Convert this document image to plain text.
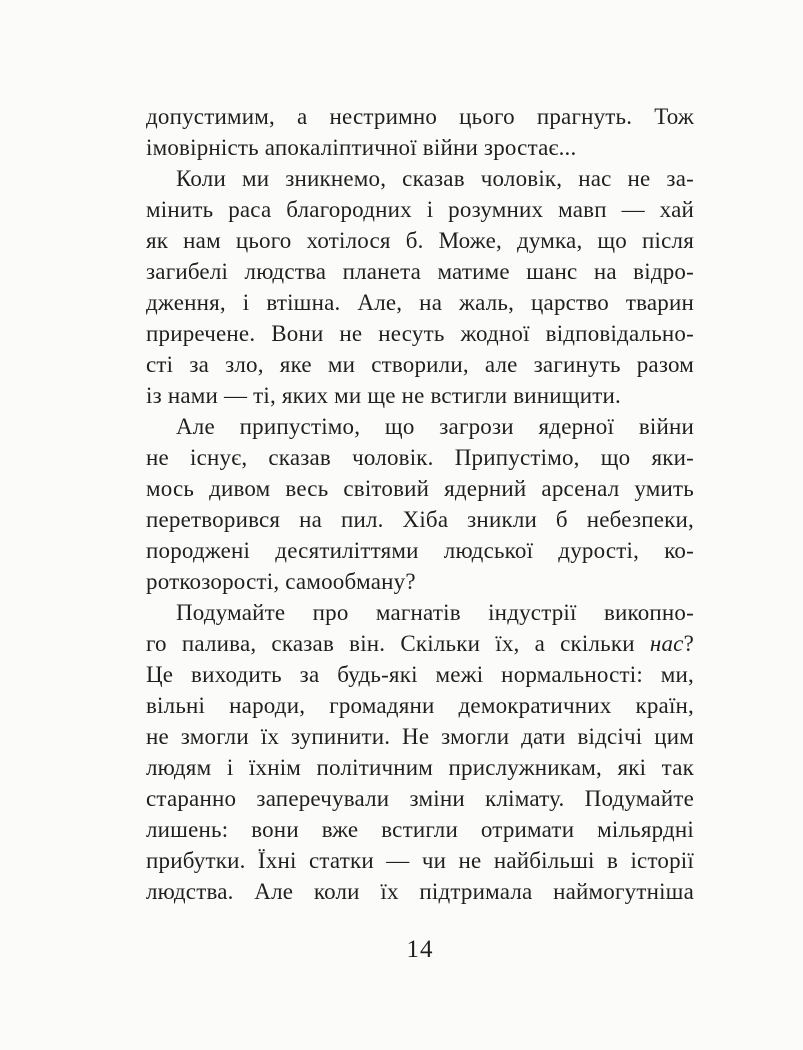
допустимим, а нестримно цього прагнуть. Тож
імовірність апокаліптичної війни зростає...

Коли ми зникнемо, сказав чоловік, нас не за-
мінить раса благородних і розумних мавп — хай
як нам цього хотілося б. Може, думка, що після
загибелі людства планета матиме шанс на відро-
дження, і втішна. Але, на жаль, царство тварин
приречене. Вони не несуть жодної відповідально-
сті за зло, яке ми створили, але загинуть разом
із нами — ті, яких ми ще не встигли винищити.

Але припустімо, що загрози ядерної війни
не існує, сказав чоловік. Припустімо, що яки-
мось дивом весь світовий ядерний арсенал умить
перетворився на пил. Хіба зникли б небезпеки,
породжені десятиліттями людської дурості, ко-
роткозорості, самообману?

Подумайте про магнатів індустрії викопно-
го палива, сказав він. Скільки їх, а скільки нас?
Це виходить за будь-які межі нормальності: ми,
вільні народи, громадяни демократичних країн,
не змогли їх зупинити. Не змогли дати відсічі цим
людям і їхнім політичним прислужникам, які так
старанно заперечували зміни клімату. Подумайте
лишень: вони вже встигли отримати мільярдні
прибутки. Їхні статки — чи не найбільші в історії
людства. Але коли їх підтримала наймогутніша

14
